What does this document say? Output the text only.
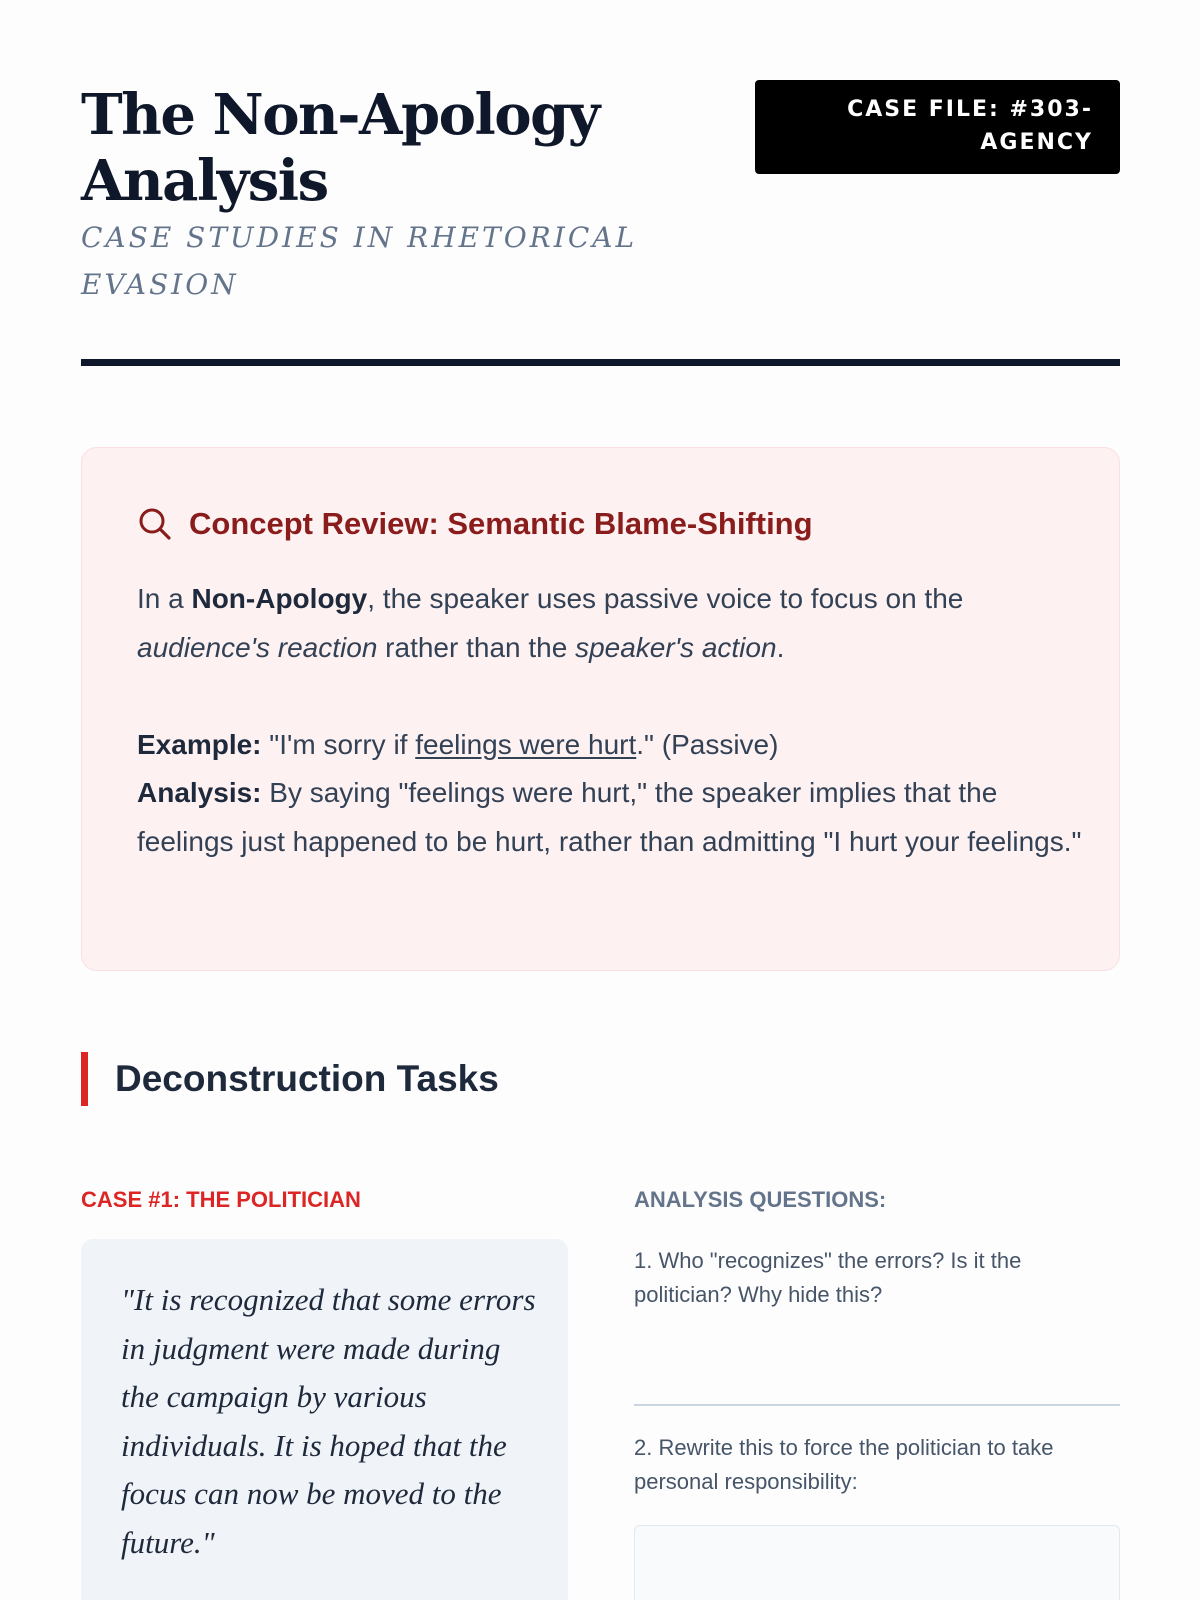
The Non-Apology Analysis
CASE STUDIES IN RHETORICAL EVASION
CASE FILE: #303-AGENCY
Concept Review: Semantic Blame-Shifting

In a Non-Apology, the speaker uses passive voice to focus on the audience's reaction rather than the speaker's action.

Example: "I'm sorry if feelings were hurt." (Passive)

Analysis: By saying "feelings were hurt," the speaker implies that the feelings just happened to be hurt, rather than admitting "I hurt your feelings."

Deconstruction Tasks
CASE #1: THE POLITICIAN

"It is recognized that some errors in judgment were made during the campaign by various individuals. It is hoped that the focus can now be moved to the future."

ANALYSIS QUESTIONS:

1. Who "recognizes" the errors? Is it the politician? Why hide this?

2. Rewrite this to force the politician to take personal responsibility:
